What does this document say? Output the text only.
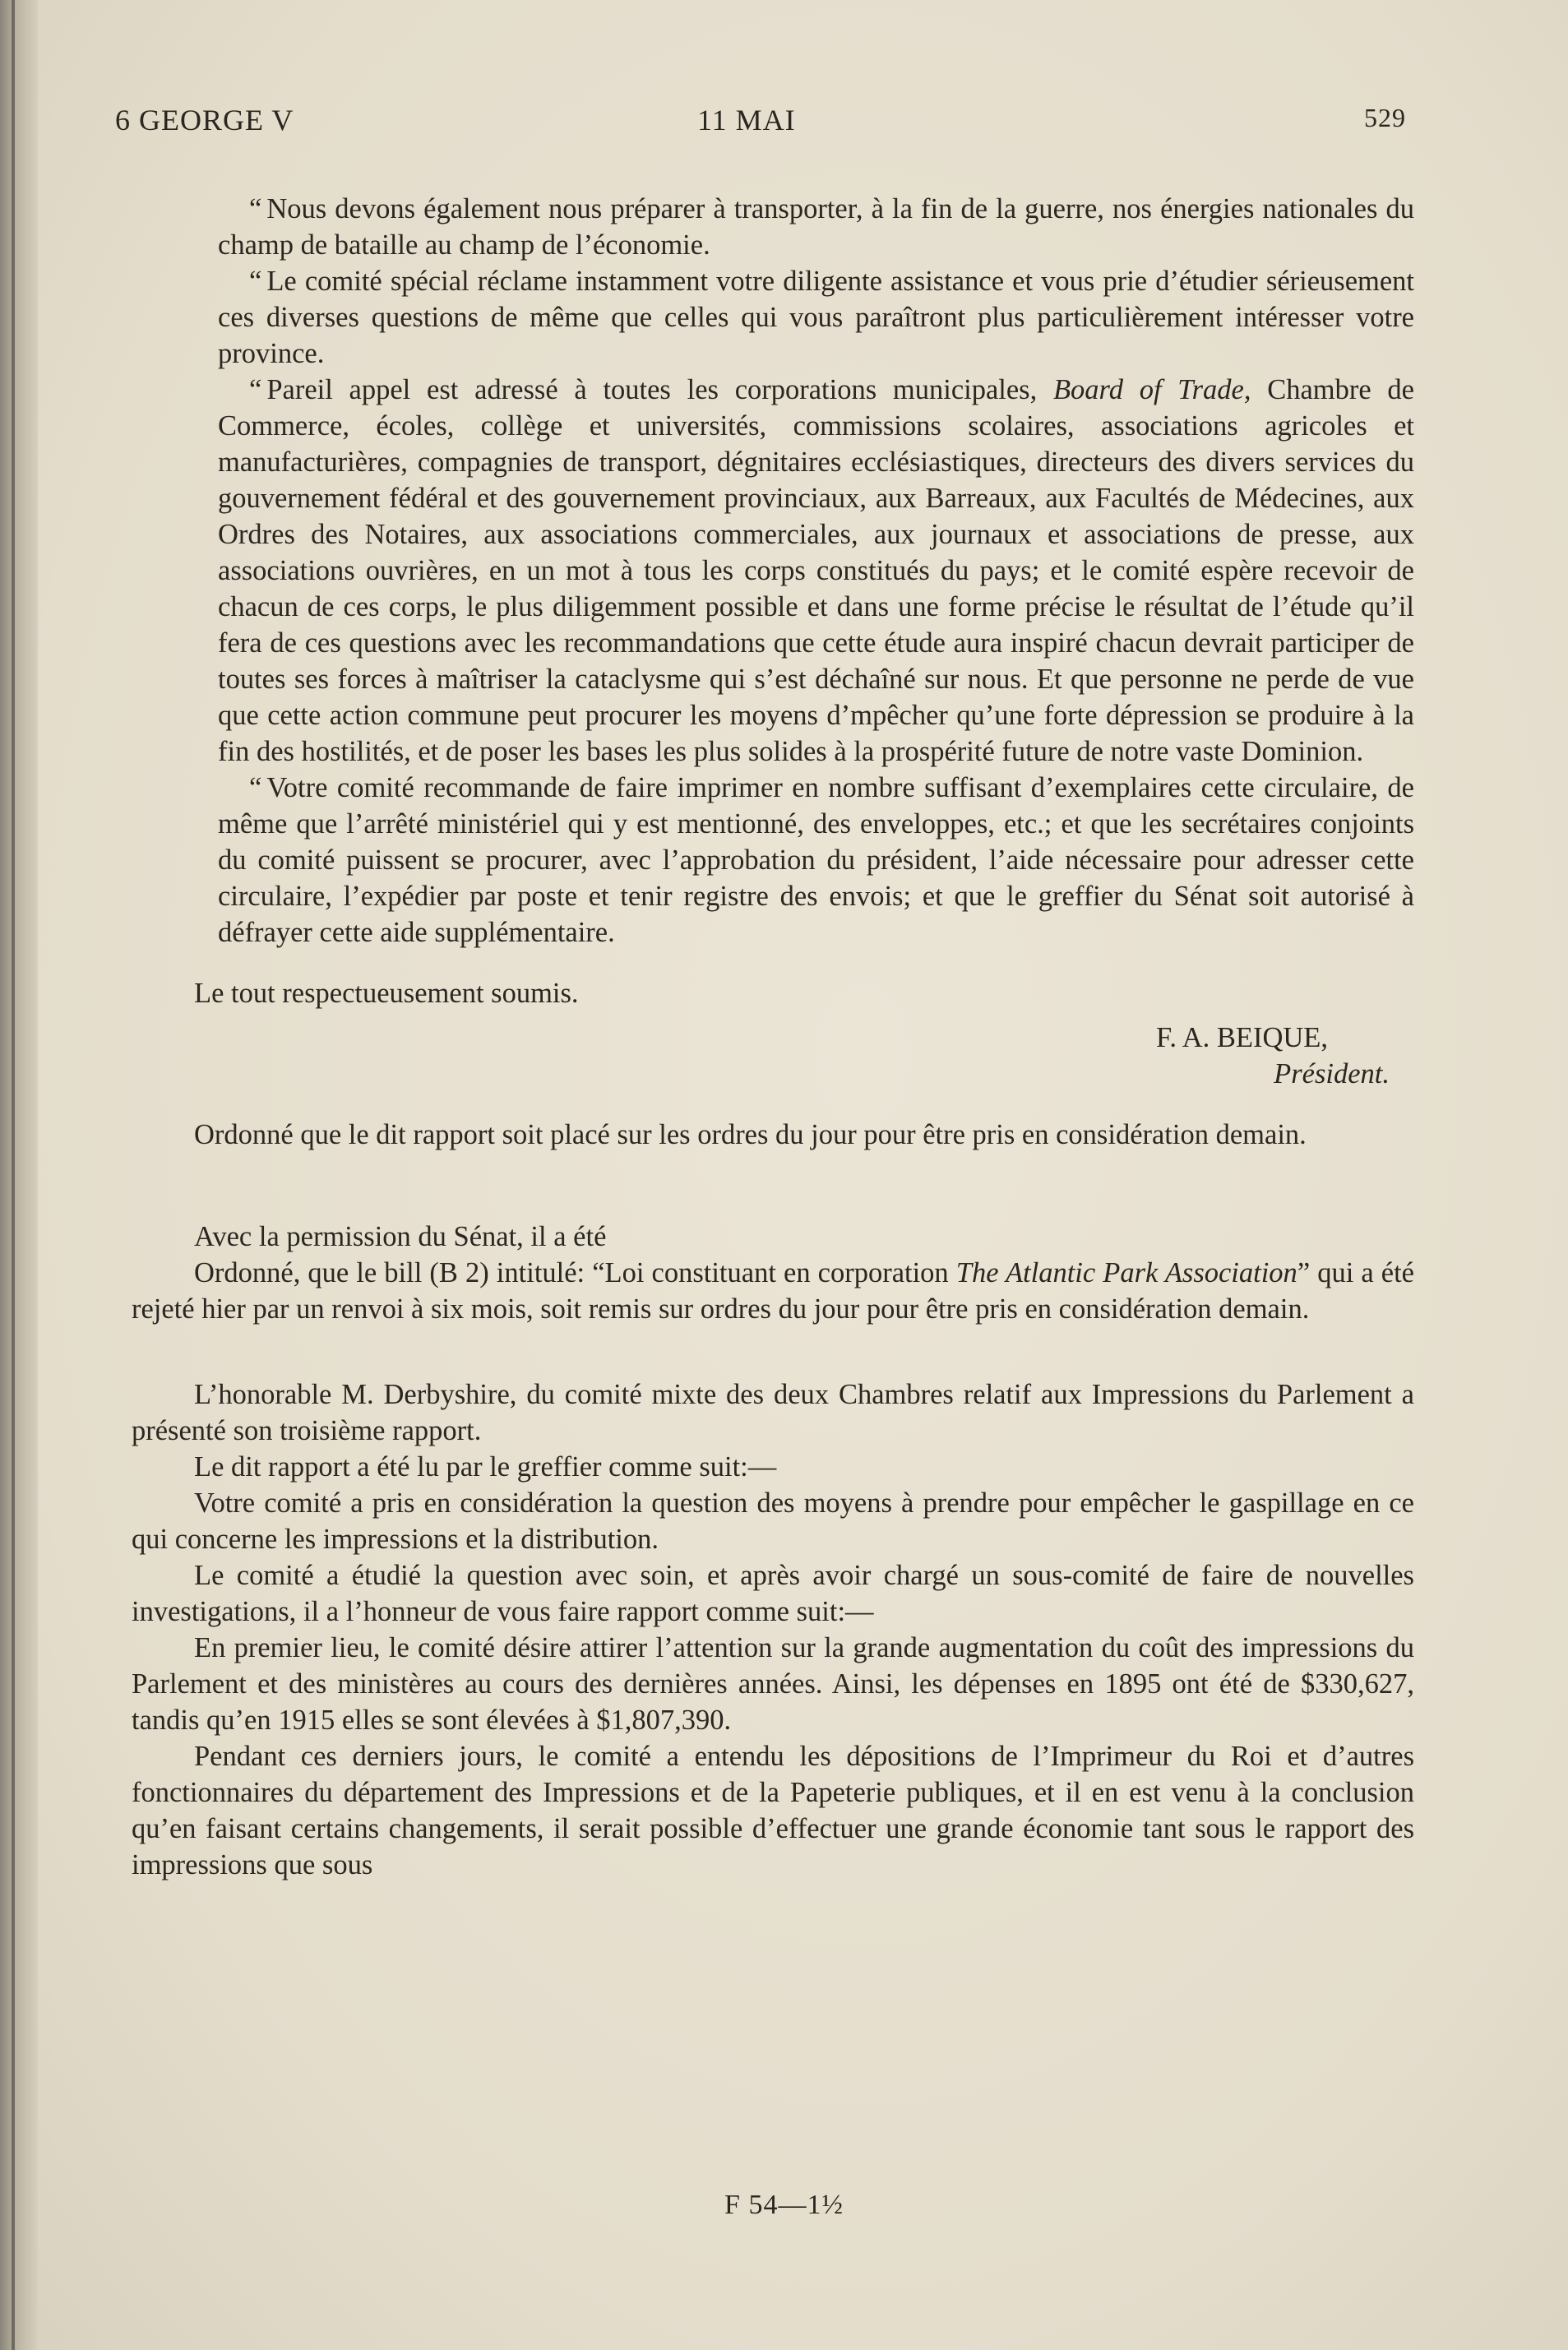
6 GEORGE V	11 MAI	529

“ Nous devons également nous préparer à transporter, à la fin de la guerre, nos énergies nationales du champ de bataille au champ de l’économie.

“ Le comité spécial réclame instamment votre diligente assistance et vous prie d’étudier sérieusement ces diverses questions de même que celles qui vous paraîtront plus particulièrement intéresser votre province.

“ Pareil appel est adressé à toutes les corporations municipales, Board of Trade, Chambre de Commerce, écoles, collège et universités, commissions scolaires, associations agricoles et manufacturières, compagnies de transport, dégnitaires ecclésiastiques, directeurs des divers services du gouvernement fédéral et des gouvernement provinciaux, aux Barreaux, aux Facultés de Médecines, aux Ordres des Notaires, aux associations commerciales, aux journaux et associations de presse, aux associations ouvrières, en un mot à tous les corps constitués du pays; et le comité espère recevoir de chacun de ces corps, le plus diligemment possible et dans une forme précise le résultat de l’étude qu’il fera de ces questions avec les recommandations que cette étude aura inspiré chacun devrait participer de toutes ses forces à maîtriser la cataclysme qui s’est déchaîné sur nous. Et que personne ne perde de vue que cette action commune peut procurer les moyens d’mpêcher qu’une forte dépression se produire à la fin des hostilités, et de poser les bases les plus solides à la prospérité future de notre vaste Dominion.

“ Votre comité recommande de faire imprimer en nombre suffisant d’exemplaires cette circulaire, de même que l’arrêté ministériel qui y est mentionné, des enveloppes, etc.; et que les secrétaires conjoints du comité puissent se procurer, avec l’approbation du président, l’aide nécessaire pour adresser cette circulaire, l’expédier par poste et tenir registre des envois; et que le greffier du Sénat soit autorisé à défrayer cette aide supplémentaire.

Le tout respectueusement soumis.

F. A. BEIQUE,

Président.

Ordonné que le dit rapport soit placé sur les ordres du jour pour être pris en considération demain.

Avec la permission du Sénat, il a été

Ordonné, que le bill (B 2) intitulé: “Loi constituant en corporation The Atlantic Park Association” qui a été rejeté hier par un renvoi à six mois, soit remis sur ordres du jour pour être pris en considération demain.

L’honorable M. Derbyshire, du comité mixte des deux Chambres relatif aux Impressions du Parlement a présenté son troisième rapport.

Le dit rapport a été lu par le greffier comme suit:—

Votre comité a pris en considération la question des moyens à prendre pour empêcher le gaspillage en ce qui concerne les impressions et la distribution.

Le comité a étudié la question avec soin, et après avoir chargé un sous-comité de faire de nouvelles investigations, il a l’honneur de vous faire rapport comme suit:—

En premier lieu, le comité désire attirer l’attention sur la grande augmentation du coût des impressions du Parlement et des ministères au cours des dernières années. Ainsi, les dépenses en 1895 ont été de $330,627, tandis qu’en 1915 elles se sont élevées à $1,807,390.

Pendant ces derniers jours, le comité a entendu les dépositions de l’Imprimeur du Roi et d’autres fonctionnaires du département des Impressions et de la Papeterie publiques, et il en est venu à la conclusion qu’en faisant certains changements, il serait possible d’effectuer une grande économie tant sous le rapport des impressions que sous

F 54—1½
